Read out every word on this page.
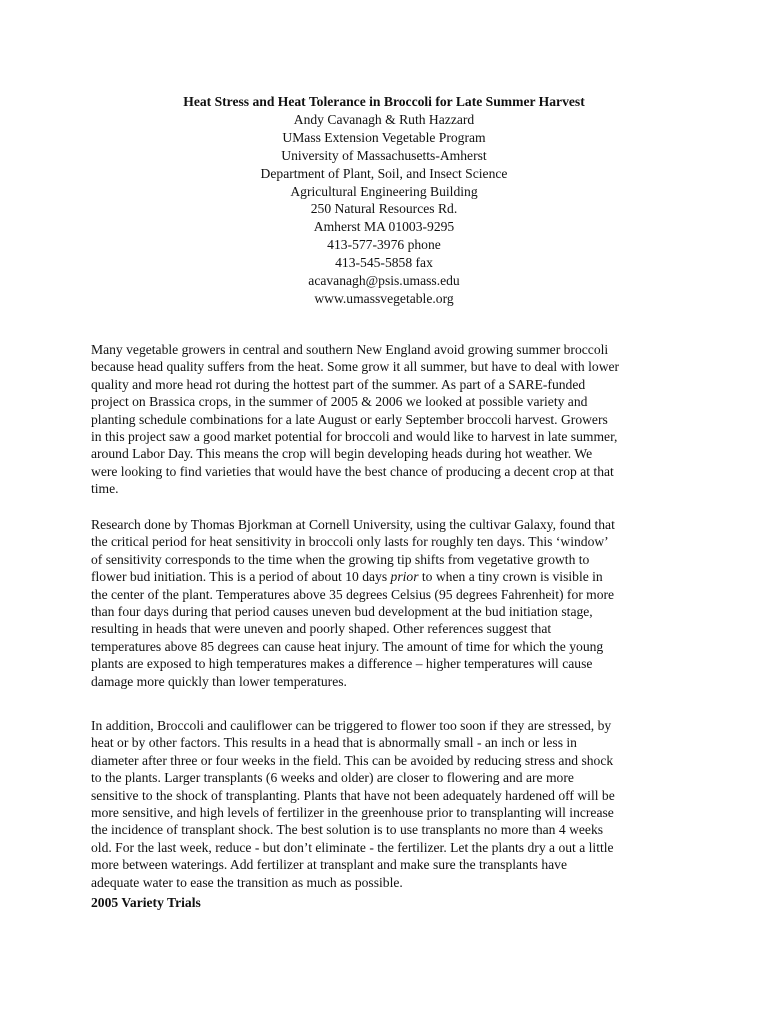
Heat Stress and Heat Tolerance in Broccoli for Late Summer Harvest
Andy Cavanagh & Ruth Hazzard
UMass Extension Vegetable Program
University of Massachusetts-Amherst
Department of Plant, Soil, and Insect Science
Agricultural Engineering Building
250 Natural Resources Rd.
Amherst MA 01003-9295
413-577-3976 phone
413-545-5858 fax
acavanagh@psis.umass.edu
www.umassvegetable.org

Many vegetable growers in central and southern New England avoid growing summer broccoli
because head quality suffers from the heat. Some grow it all summer, but have to deal with lower
quality and more head rot during the hottest part of the summer. As part of a SARE-funded
project on Brassica crops, in the summer of 2005 & 2006 we looked at possible variety and
planting schedule combinations for a late August or early September broccoli harvest. Growers
in this project saw a good market potential for broccoli and would like to harvest in late summer,
around Labor Day. This means the crop will begin developing heads during hot weather. We
were looking to find varieties that would have the best chance of producing a decent crop at that
time.

Research done by Thomas Bjorkman at Cornell University, using the cultivar Galaxy, found that
the critical period for heat sensitivity in broccoli only lasts for roughly ten days. This ‘window’
of sensitivity corresponds to the time when the growing tip shifts from vegetative growth to
flower bud initiation. This is a period of about 10 days prior to when a tiny crown is visible in
the center of the plant. Temperatures above 35 degrees Celsius (95 degrees Fahrenheit) for more
than four days during that period causes uneven bud development at the bud initiation stage,
resulting in heads that were uneven and poorly shaped. Other references suggest that
temperatures above 85 degrees can cause heat injury. The amount of time for which the young
plants are exposed to high temperatures makes a difference – higher temperatures will cause
damage more quickly than lower temperatures.

In addition, Broccoli and cauliflower can be triggered to flower too soon if they are stressed, by
heat or by other factors. This results in a head that is abnormally small - an inch or less in
diameter after three or four weeks in the field. This can be avoided by reducing stress and shock
to the plants. Larger transplants (6 weeks and older) are closer to flowering and are more
sensitive to the shock of transplanting. Plants that have not been adequately hardened off will be
more sensitive, and high levels of fertilizer in the greenhouse prior to transplanting will increase
the incidence of transplant shock. The best solution is to use transplants no more than 4 weeks
old. For the last week, reduce - but don’t eliminate - the fertilizer. Let the plants dry a out a little
more between waterings. Add fertilizer at transplant and make sure the transplants have
adequate water to ease the transition as much as possible.

2005 Variety Trials
